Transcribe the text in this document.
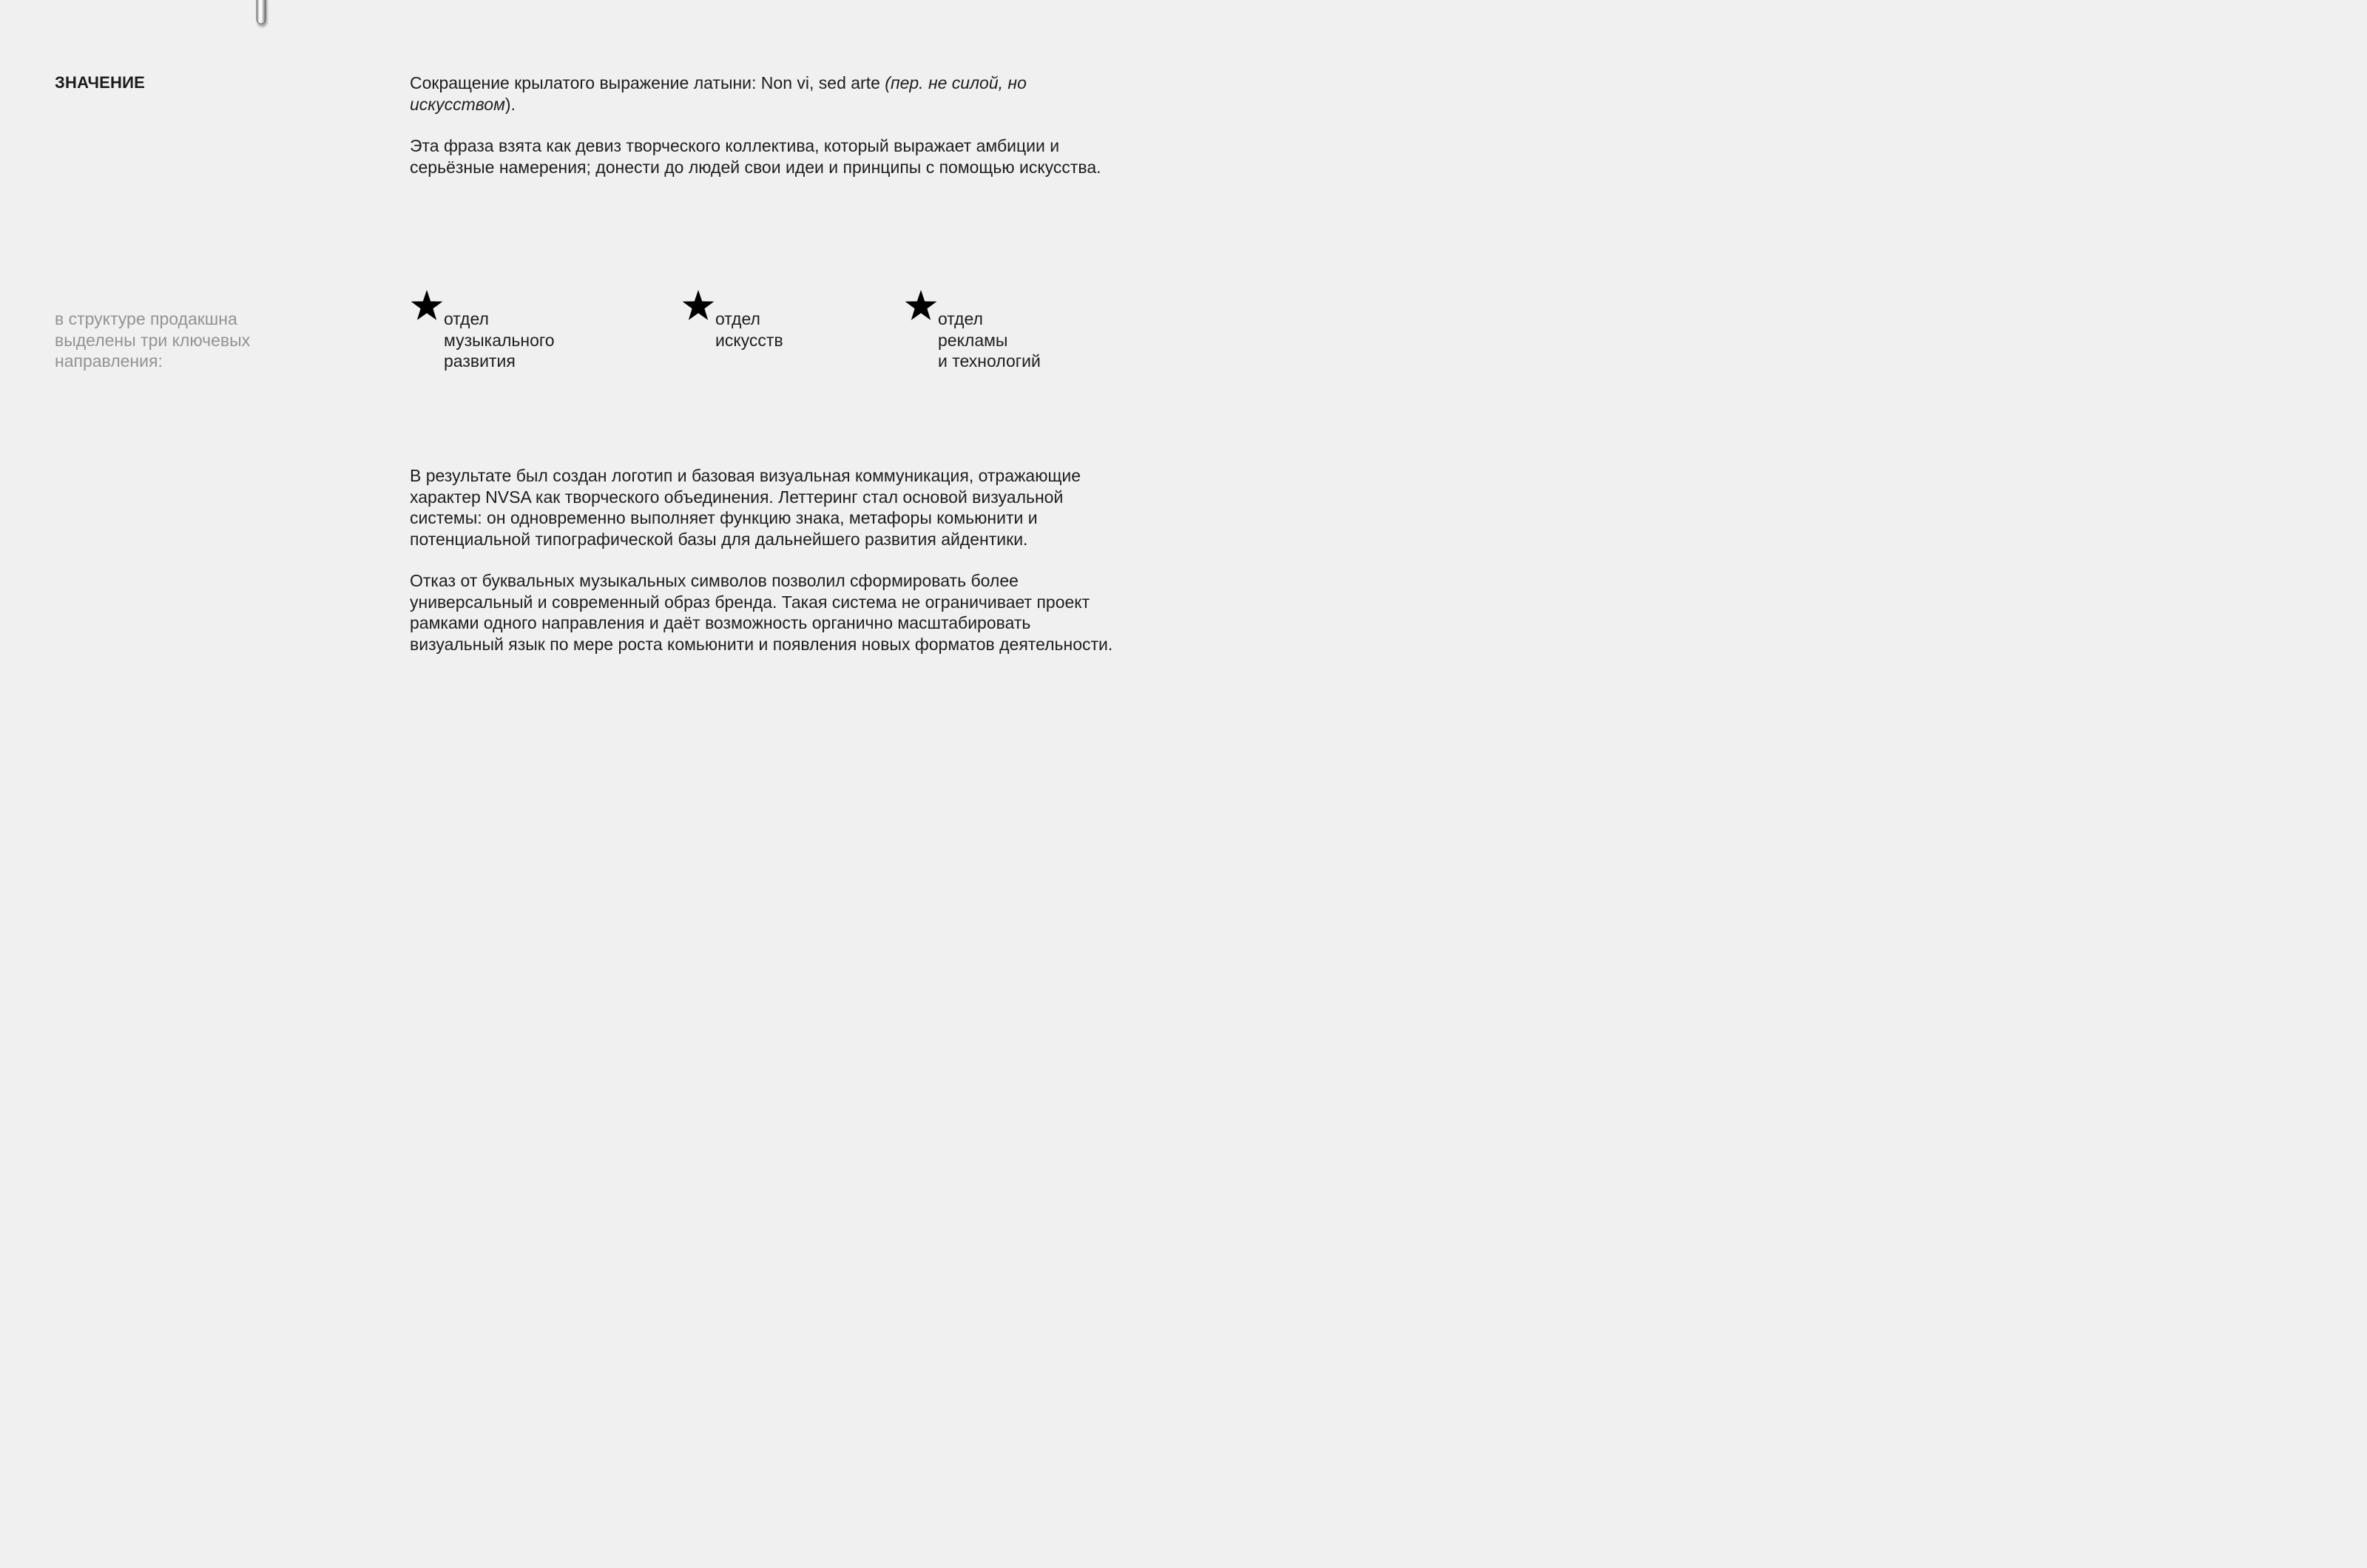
ЗНАЧЕНИЕ	Сокращение крылатого выражение латыни: Non vi, sed arte (пер. не силой, но искусством).

Эта фраза взята как девиз творческого коллектива, который выражает амбиции и серьёзные намерения; донести до людей свои идеи и принципы с помощью искусства.

в структуре продакшна выделены три ключевых направления:
отдел
музыкального
развития
отдел
искусств
отдел
рекламы
и технологий

В результате был создан логотип и базовая визуальная коммуникация, отражающие характер NVSA как творческого объединения. Леттеринг стал основой визуальной системы: он одновременно выполняет функцию знака, метафоры комьюнити и потенциальной типографической базы для дальнейшего развития айдентики.

Отказ от буквальных музыкальных символов позволил сформировать более универсальный и современный образ бренда. Такая система не ограничивает проект рамками одного направления и даёт возможность органично масштабировать визуальный язык по мере роста комьюнити и появления новых форматов деятельности.
